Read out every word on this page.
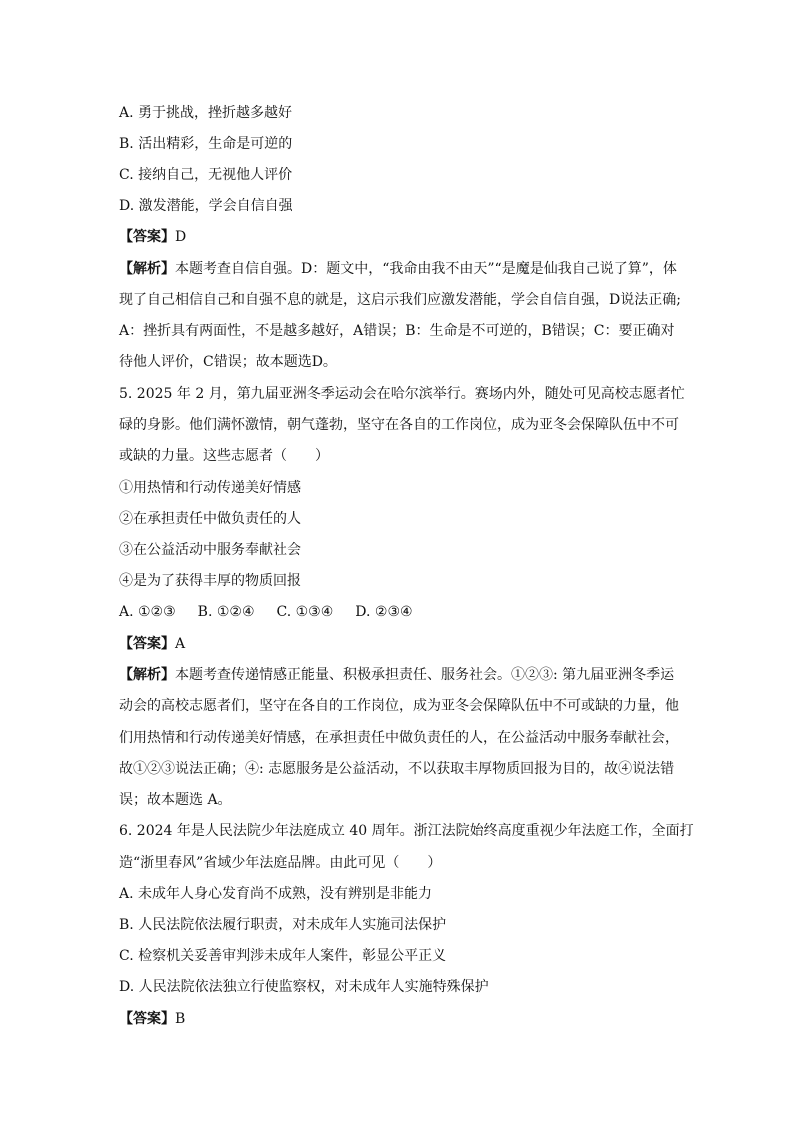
A. 勇于挑战，挫折越多越好
B. 活出精彩，生命是可逆的
C. 接纳自己，无视他人评价
D. 激发潜能，学会自信自强
【答案】D
【解析】本题考查自信自强。D：题文中，“我命由我不由天”“是魔是仙我自己说了算”，体
现了自己相信自己和自强不息的就是，这启示我们应激发潜能，学会自信自强，D说法正确;
A：挫折具有两面性，不是越多越好，A错误；B：生命是不可逆的，B错误；C：要正确对
待他人评价，C错误；故本题选D。
5. 2025 年 2 月，第九届亚洲冬季运动会在哈尔滨举行。赛场内外，随处可见高校志愿者忙
碌的身影。他们满怀激情，朝气蓬勃，坚守在各自的工作岗位，成为亚冬会保障队伍中不可
或缺的力量。这些志愿者（　　）
①用热情和行动传递美好情感
②在承担责任中做负责任的人
③在公益活动中服务奉献社会
④是为了获得丰厚的物质回报
A. ①②③ B. ①②④ C. ①③④ D. ②③④
【答案】A
【解析】本题考查传递情感正能量、积极承担责任、服务社会。①②③: 第九届亚洲冬季运
动会的高校志愿者们，坚守在各自的工作岗位，成为亚冬会保障队伍中不可或缺的力量，他
们用热情和行动传递美好情感，在承担责任中做负责任的人，在公益活动中服务奉献社会，
故①②③说法正确；④: 志愿服务是公益活动，不以获取丰厚物质回报为目的，故④说法错
误；故本题选 A。
6. 2024 年是人民法院少年法庭成立 40 周年。浙江法院始终高度重视少年法庭工作，全面打
造“浙里春风”省域少年法庭品牌。由此可见（　　）
A. 未成年人身心发育尚不成熟，没有辨别是非能力
B. 人民法院依法履行职责，对未成年人实施司法保护
C. 检察机关妥善审判涉未成年人案件，彰显公平正义
D. 人民法院依法独立行使监察权，对未成年人实施特殊保护
【答案】B
